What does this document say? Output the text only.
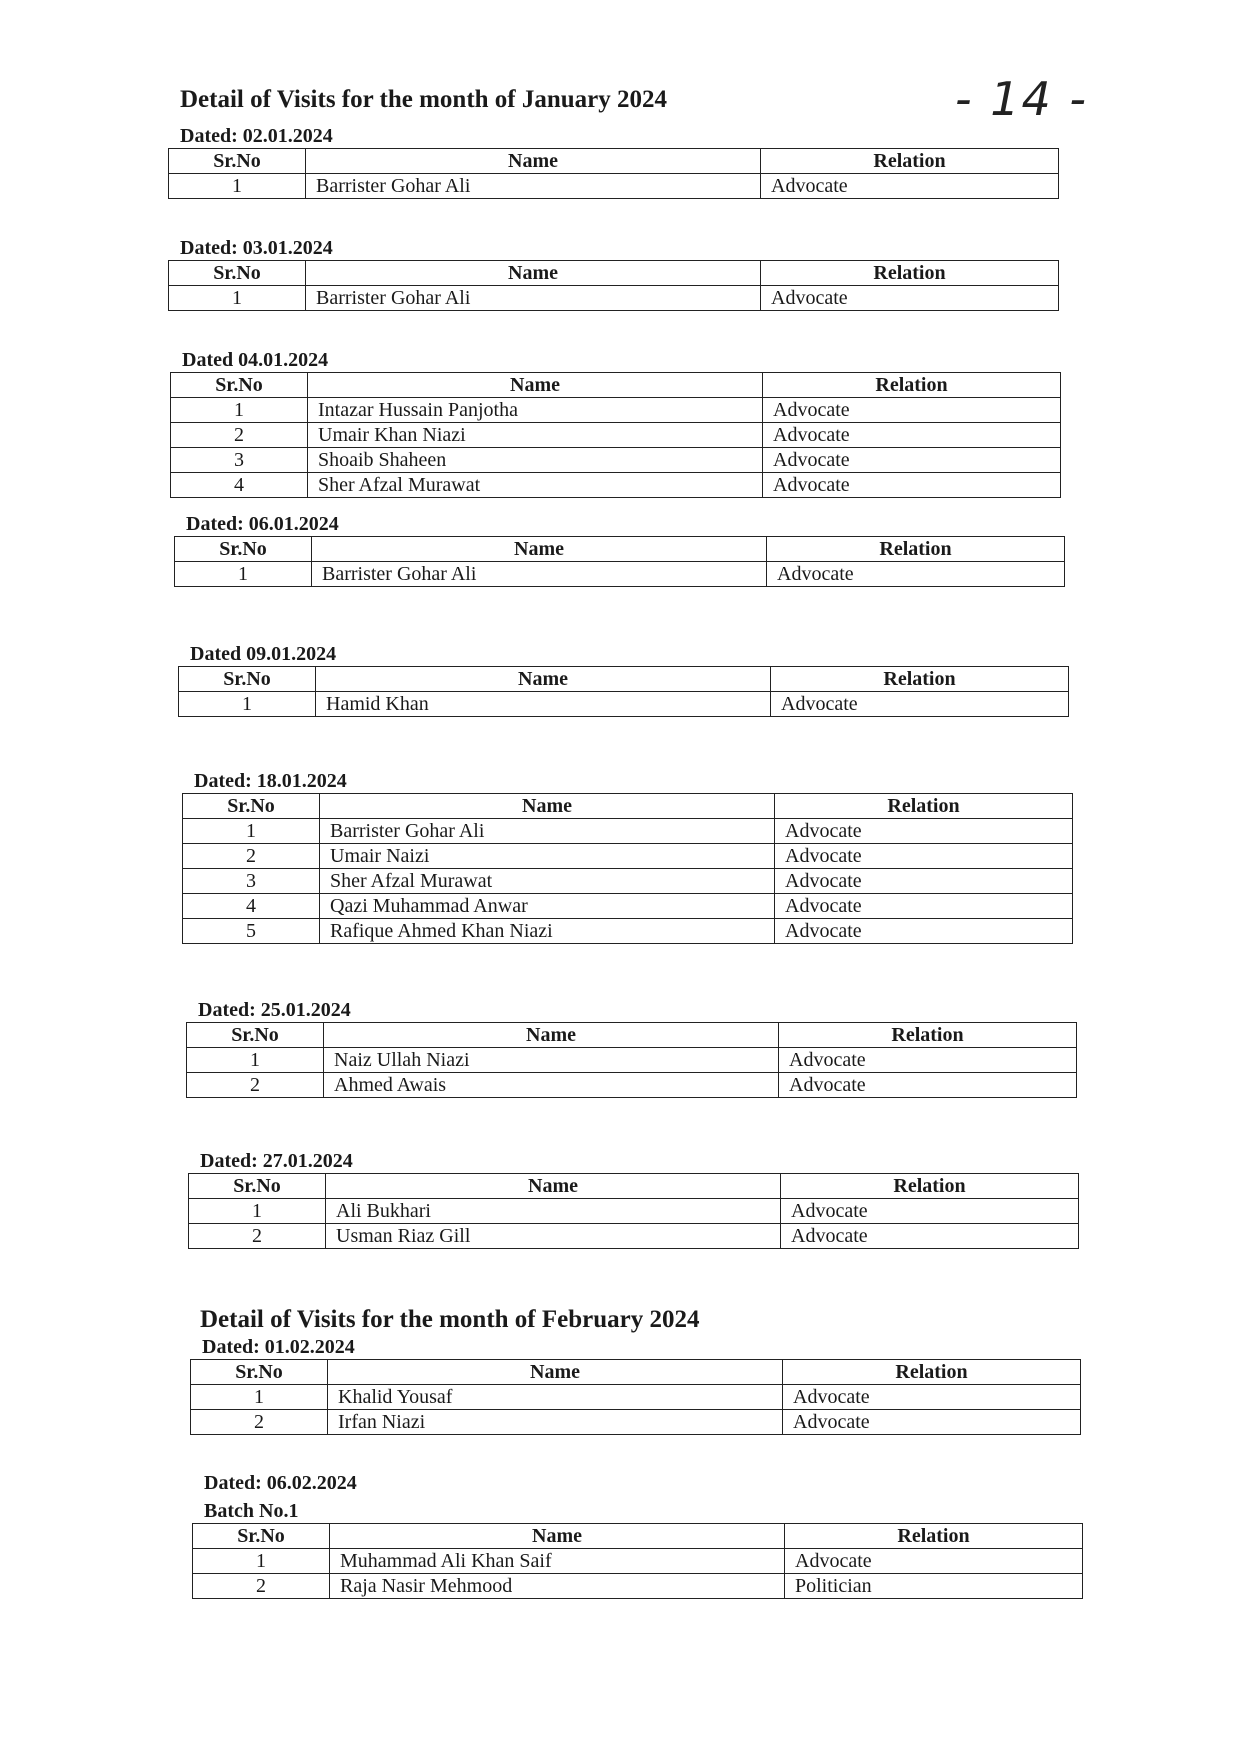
- 14 -
Detail of Visits for the month of January 2024
Detail of Visits for the month of February 2024
Dated: 02.01.2024
Sr.No	Name	Relation
1	Barrister Gohar Ali	Advocate
Dated: 03.01.2024
Sr.No	Name	Relation
1	Barrister Gohar Ali	Advocate
Dated 04.01.2024
Sr.No	Name	Relation
1	Intazar Hussain Panjotha	Advocate
2	Umair Khan Niazi	Advocate
3	Shoaib Shaheen	Advocate
4	Sher Afzal Murawat	Advocate
Dated: 06.01.2024
Sr.No	Name	Relation
1	Barrister Gohar Ali	Advocate
Dated 09.01.2024
Sr.No	Name	Relation
1	Hamid Khan	Advocate
Dated: 18.01.2024
Sr.No	Name	Relation
1	Barrister Gohar Ali	Advocate
2	Umair Naizi	Advocate
3	Sher Afzal Murawat	Advocate
4	Qazi Muhammad Anwar	Advocate
5	Rafique Ahmed Khan Niazi	Advocate
Dated: 25.01.2024
Sr.No	Name	Relation
1	Naiz Ullah Niazi	Advocate
2	Ahmed Awais	Advocate
Dated: 27.01.2024
Sr.No	Name	Relation
1	Ali Bukhari	Advocate
2	Usman Riaz Gill	Advocate
Dated: 01.02.2024
Sr.No	Name	Relation
1	Khalid Yousaf	Advocate
2	Irfan Niazi	Advocate
Dated: 06.02.2024
Batch No.1
Sr.No	Name	Relation
1	Muhammad Ali Khan Saif	Advocate
2	Raja Nasir Mehmood	Politician
